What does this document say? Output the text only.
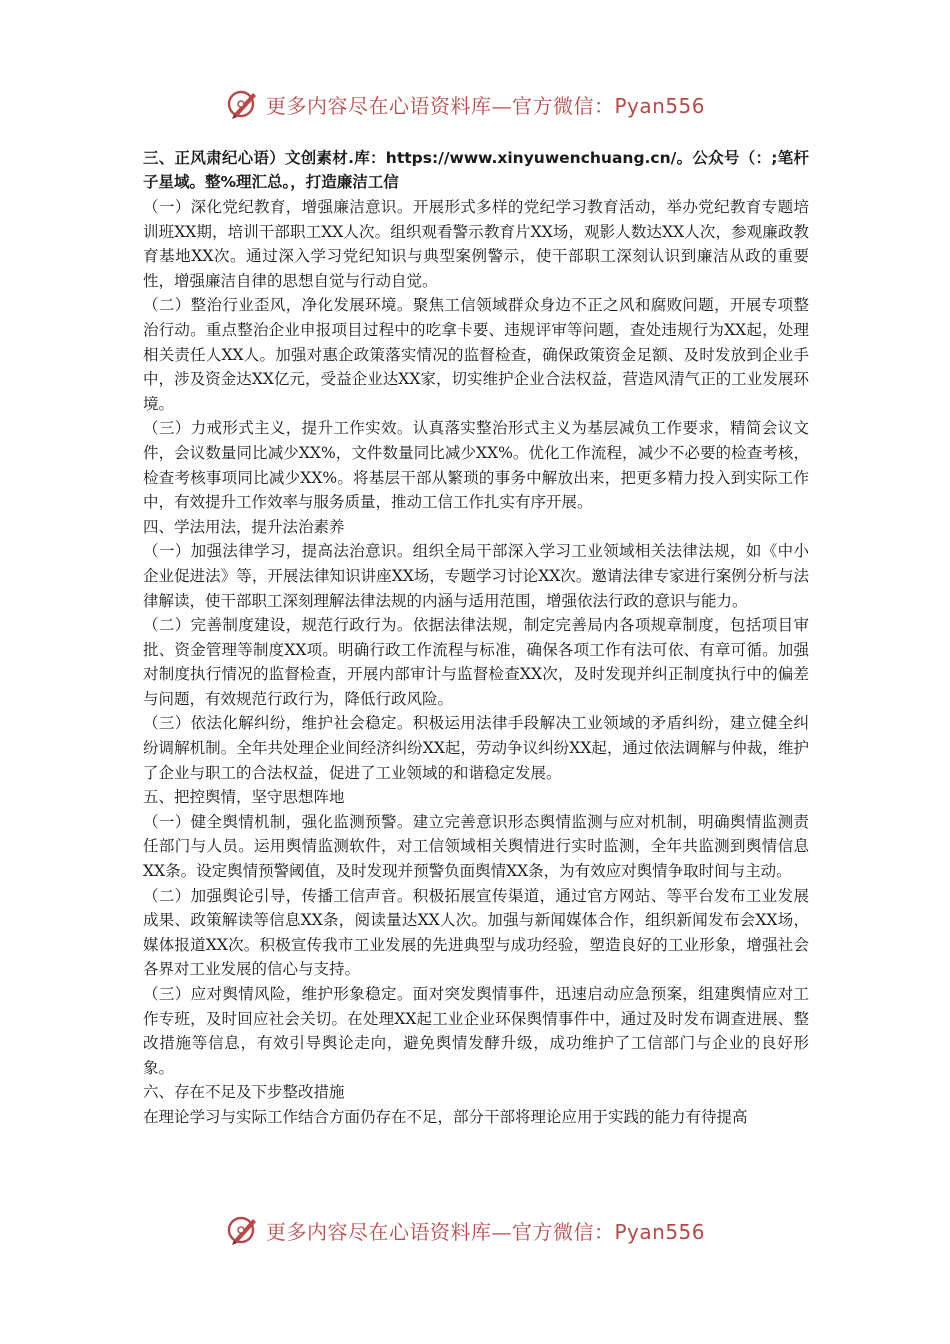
更多内容尽在心语资料库—官方微信：Pyan556

三、正风肃纪心语）文创素材.库：https://www.xinyuwenchuang.cn/。公众号（：;笔杆子星域。整%理汇总。，打造廉洁工信

（一）深化党纪教育，增强廉洁意识。开展形式多样的党纪学习教育活动，举办党纪教育专题培训班XX期，培训干部职工XX人次。组织观看警示教育片XX场，观影人数达XX人次，参观廉政教育基地XX次。通过深入学习党纪知识与典型案例警示，使干部职工深刻认识到廉洁从政的重要性，增强廉洁自律的思想自觉与行动自觉。

（二）整治行业歪风，净化发展环境。聚焦工信领域群众身边不正之风和腐败问题，开展专项整治行动。重点整治企业申报项目过程中的吃拿卡要、违规评审等问题，查处违规行为XX起，处理相关责任人XX人。加强对惠企政策落实情况的监督检查，确保政策资金足额、及时发放到企业手中，涉及资金达XX亿元，受益企业达XX家，切实维护企业合法权益，营造风清气正的工业发展环境。

（三）力戒形式主义，提升工作实效。认真落实整治形式主义为基层减负工作要求，精简会议文件，会议数量同比减少XX%，文件数量同比减少XX%。优化工作流程，减少不必要的检查考核，检查考核事项同比减少XX%。将基层干部从繁琐的事务中解放出来，把更多精力投入到实际工作中，有效提升工作效率与服务质量，推动工信工作扎实有序开展。

四、学法用法，提升法治素养

（一）加强法律学习，提高法治意识。组织全局干部深入学习工业领域相关法律法规，如《中小企业促进法》等，开展法律知识讲座XX场，专题学习讨论XX次。邀请法律专家进行案例分析与法律解读，使干部职工深刻理解法律法规的内涵与适用范围，增强依法行政的意识与能力。

（二）完善制度建设，规范行政行为。依据法律法规，制定完善局内各项规章制度，包括项目审批、资金管理等制度XX项。明确行政工作流程与标准，确保各项工作有法可依、有章可循。加强对制度执行情况的监督检查，开展内部审计与监督检查XX次，及时发现并纠正制度执行中的偏差与问题，有效规范行政行为，降低行政风险。

（三）依法化解纠纷，维护社会稳定。积极运用法律手段解决工业领域的矛盾纠纷，建立健全纠纷调解机制。全年共处理企业间经济纠纷XX起，劳动争议纠纷XX起，通过依法调解与仲裁，维护了企业与职工的合法权益，促进了工业领域的和谐稳定发展。

五、把控舆情，坚守思想阵地

（一）健全舆情机制，强化监测预警。建立完善意识形态舆情监测与应对机制，明确舆情监测责任部门与人员。运用舆情监测软件，对工信领域相关舆情进行实时监测，全年共监测到舆情信息XX条。设定舆情预警阈值，及时发现并预警负面舆情XX条，为有效应对舆情争取时间与主动。

（二）加强舆论引导，传播工信声音。积极拓展宣传渠道，通过官方网站、等平台发布工业发展成果、政策解读等信息XX条，阅读量达XX人次。加强与新闻媒体合作，组织新闻发布会XX场，媒体报道XX次。积极宣传我市工业发展的先进典型与成功经验，塑造良好的工业形象，增强社会各界对工业发展的信心与支持。

（三）应对舆情风险，维护形象稳定。面对突发舆情事件，迅速启动应急预案，组建舆情应对工作专班，及时回应社会关切。在处理XX起工业企业环保舆情事件中，通过及时发布调查进展、整改措施等信息，有效引导舆论走向，避免舆情发酵升级，成功维护了工信部门与企业的良好形象。

六、存在不足及下步整改措施

在理论学习与实际工作结合方面仍存在不足，部分干部将理论应用于实践的能力有待提高

更多内容尽在心语资料库—官方微信：Pyan556
